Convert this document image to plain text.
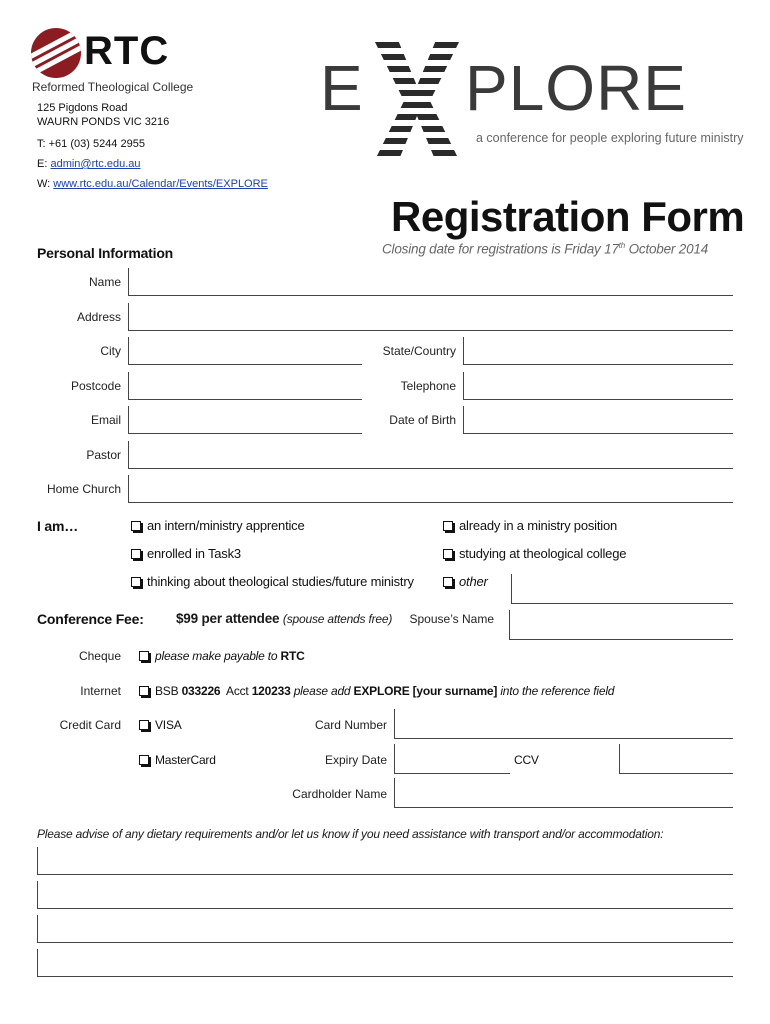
RTC
Reformed Theological College
125 Pigdons Road
WAURN PONDS VIC 3216
T: +61 (03) 5244 2955
E: admin@rtc.edu.au
W: www.rtc.edu.au/Calendar/Events/EXPLORE
E PLORE
a conference for people exploring future ministry
Registration Form
Closing date for registrations is Friday 17th October 2014
Personal Information
Name
Address
City	State/Country
Postcode	Telephone
Email	Date of Birth
Pastor
Home Church
I am…	an intern/ministry apprentice	already in a ministry position
enrolled in Task3	studying at theological college
thinking about theological studies/future ministry	other
Conference Fee: $99 per attendee (spouse attends free)	Spouse’s Name
Cheque	please make payable to RTC
Internet	BSB 033226 Acct 120233 please add EXPLORE [your surname] into the reference field
Credit Card	VISA	Card Number
MasterCard	Expiry Date	CCV
Cardholder Name
Please advise of any dietary requirements and/or let us know if you need assistance with transport and/or accommodation:
